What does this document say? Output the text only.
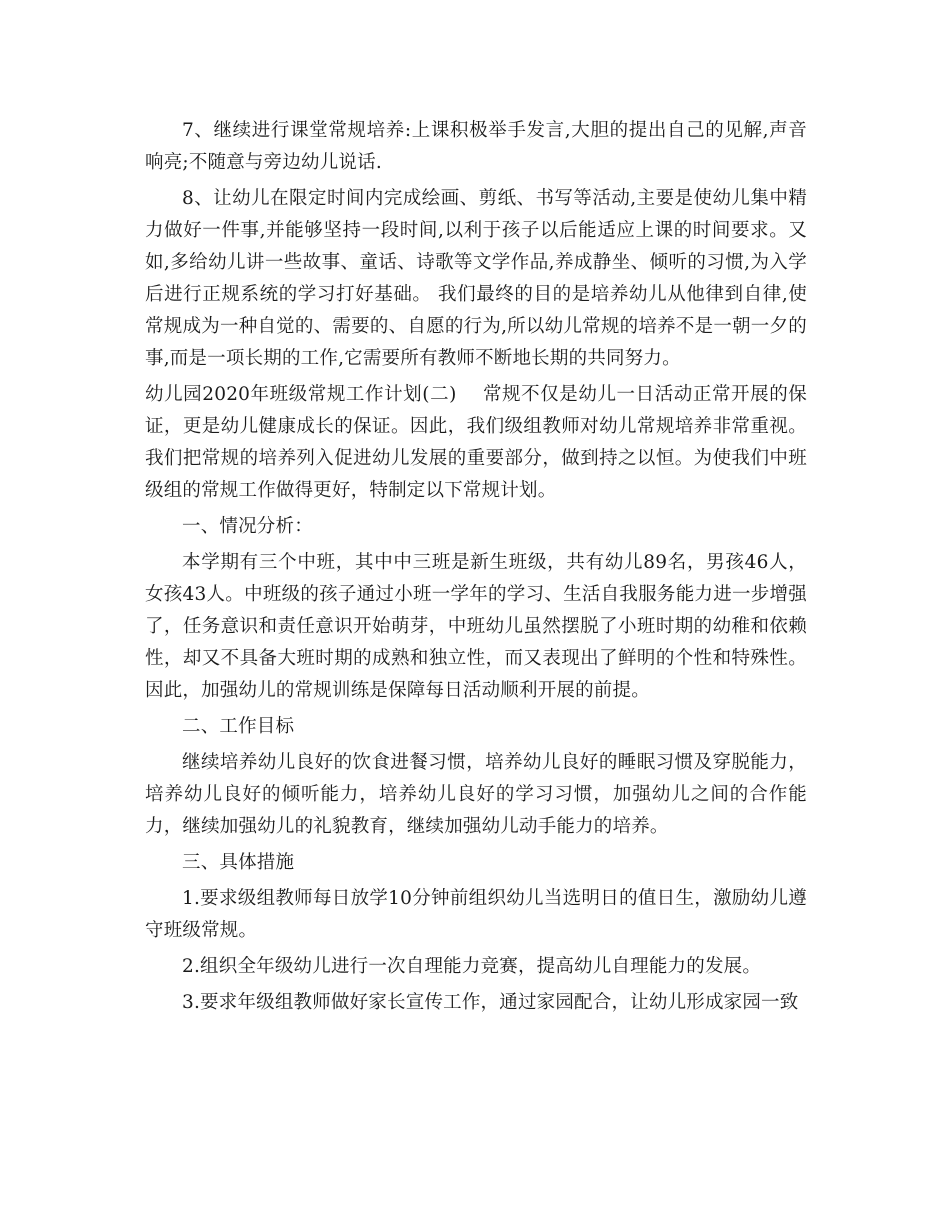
7、继续进行课堂常规培养:上课积极举手发言,大胆的提出自己的见解,声音响亮;不随意与旁边幼儿说话.

8、让幼儿在限定时间内完成绘画、剪纸、书写等活动,主要是使幼儿集中精力做好一件事,并能够坚持一段时间,以利于孩子以后能适应上课的时间要求。又如,多给幼儿讲一些故事、童话、诗歌等文学作品,养成静坐、倾听的习惯,为入学后进行正规系统的学习打好基础。 我们最终的目的是培养幼儿从他律到自律,使常规成为一种自觉的、需要的、自愿的行为,所以幼儿常规的培养不是一朝一夕的事,而是一项长期的工作,它需要所有教师不断地长期的共同努力。

幼儿园2020年班级常规工作计划(二) 常规不仅是幼儿一日活动正常开展的保证，更是幼儿健康成长的保证。因此，我们级组教师对幼儿常规培养非常重视。我们把常规的培养列入促进幼儿发展的重要部分，做到持之以恒。为使我们中班级组的常规工作做得更好，特制定以下常规计划。

一、情况分析：

本学期有三个中班，其中中三班是新生班级，共有幼儿89名，男孩46人，女孩43人。中班级的孩子通过小班一学年的学习、生活自我服务能力进一步增强了，任务意识和责任意识开始萌芽，中班幼儿虽然摆脱了小班时期的幼稚和依赖性，却又不具备大班时期的成熟和独立性，而又表现出了鲜明的个性和特殊性。因此，加强幼儿的常规训练是保障每日活动顺利开展的前提。

二、工作目标

继续培养幼儿良好的饮食进餐习惯，培养幼儿良好的睡眠习惯及穿脱能力，培养幼儿良好的倾听能力，培养幼儿良好的学习习惯，加强幼儿之间的合作能力，继续加强幼儿的礼貌教育，继续加强幼儿动手能力的培养。

三、具体措施

1.要求级组教师每日放学10分钟前组织幼儿当选明日的值日生，激励幼儿遵守班级常规。

2.组织全年级幼儿进行一次自理能力竞赛，提高幼儿自理能力的发展。

3.要求年级组教师做好家长宣传工作，通过家园配合，让幼儿形成家园一致
